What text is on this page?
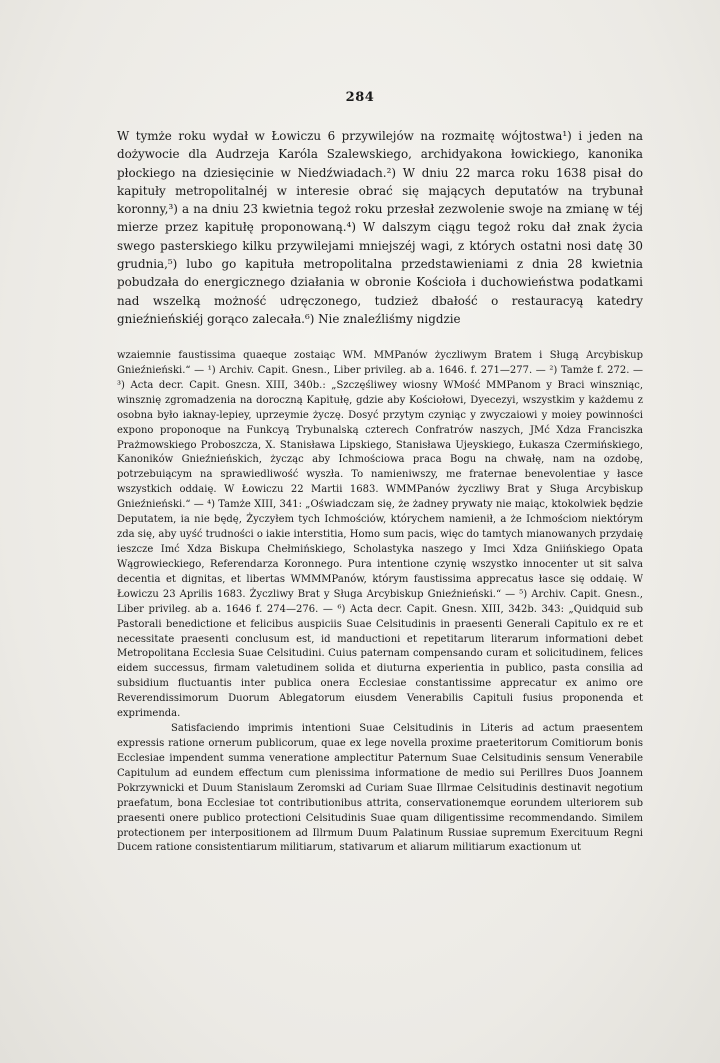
284

W tymże roku wydał w Łowiczu 6 przywilejów na rozmaitę wójtostwa¹) i jeden na dożywocie dla Audrzeja Karóla Szalewskiego, archidyakona łowickiego, kanonika płockiego na dziesięcinie w Niedźwiadach.²) W dniu 22 marca roku 1638 pisał do kapituły metropolitalnéj w interesie obrać się mających deputatów na trybunał koronny,³) a na dniu 23 kwietnia tegoż roku przesłał zezwolenie swoje na zmianę w téj mierze przez kapitułę proponowaną.⁴) W dalszym ciągu tegoż roku dał znak życia swego pasterskiego kilku przywilejami mniejszéj wagi, z których ostatni nosi datę 30 grudnia,⁵) lubo go kapituła metropolitalna przedstawieniami z dnia 28 kwietnia pobudzała do energicznego działania w obronie Kościoła i duchowieństwa podatkami nad wszelką możność udręczonego, tudzież dbałość o restauracyą katedry gnieźnieńskiéj gorąco zalecała.⁶) Nie znaleźliśmy nigdzie

wzaiemnie faustissima quaeque zostaiąc WM. MMPanów życzliwym Bratem i Sługą Arcybiskup Gnieźnieński.“ — ¹) Archiv. Capit. Gnesn., Liber privileg. ab a. 1646. f. 271—277. — ²) Tamże f. 272. — ³) Acta decr. Capit. Gnesn. XIII, 340b.: „Szczęśliwey wiosny WMość MMPanom y Braci winszniąc, winsznię zgromadzenia na doroczną Kapitułę, gdzie aby Kościołowi, Dyecezyi, wszystkim y każdemu z osobna było iaknay-lepiey, uprzeymie życzę. Dosyć przytym czyniąc y zwyczaiowi y moiey powinności expono proponoque na Funkcyą Trybunalską czterech Confratrów naszych, JMć Xdza Franciszka Prażmowskiego Proboszcza, X. Stanisława Lipskiego, Stanisława Ujeyskiego, Łukasza Czermińskiego, Kanoników Gnieźnieńskich, życząc aby Ichmościowa praca Bogu na chwałę, nam na ozdobę, potrzebuiącym na sprawiedliwość wyszła. To namieniwszy, me fraternae benevolentiae y łasce wszystkich oddaię. W Łowiczu 22 Martii 1683. WMMPanów życzliwy Brat y Sługa Arcybiskup Gnieźnieński.“ — ⁴) Tamże XIII, 341: „Oświadczam się, że żadney prywaty nie maiąc, ktokolwiek będzie Deputatem, ia nie będę, Życzyłem tych Ichmościów, którychem namienił, a że Ichmościom niektórym zda się, aby uyść trudności o iakie interstitia, Homo sum pacis, więc do tamtych mianowanych przydaię ieszcze Imć Xdza Biskupa Chełmińskiego, Scholastyka naszego y Imci Xdza Gniińskiego Opata Wągrowieckiego, Referendarza Koronnego. Pura intentione czynię wszystko innocenter ut sit salva decentia et dignitas, et libertas WMMMPanów, którym faustissima apprecatus łasce się oddaię. W Łowiczu 23 Aprilis 1683. Życzliwy Brat y Sługa Arcybiskup Gnieźnieński.“ — ⁵) Archiv. Capit. Gnesn., Liber privileg. ab a. 1646 f. 274—276. — ⁶) Acta decr. Capit. Gnesn. XIII, 342b. 343: „Quidquid sub Pastorali benedictione et felicibus auspiciis Suae Celsitudinis in praesenti Generali Capitulo ex re et necessitate praesenti conclusum est, id manductioni et repetitarum literarum informationi debet Metropolitana Ecclesia Suae Celsitudini. Cuius paternam compensando curam et solicitudinem, felices eidem successus, firmam valetudinem solida et diuturna experientia in publico, pasta consilia ad subsidium fluctuantis inter publica onera Ecclesiae constantissime apprecatur ex animo ore Reverendissimorum Duorum Ablegatorum eiusdem Venerabilis Capituli fusius proponenda et exprimenda.

Satisfaciendo imprimis intentioni Suae Celsitudinis in Literis ad actum praesentem expressis ratione ornerum publicorum, quae ex lege novella proxime praeteritorum Comitiorum bonis Ecclesiae impendent summa veneratione amplectitur Paternum Suae Celsitudinis sensum Venerabile Capitulum ad eundem effectum cum plenissima informatione de medio sui Perillres Duos Joannem Pokrzywnicki et Duum Stanislaum Zeromski ad Curiam Suae Illrmae Celsitudinis destinavit negotium praefatum, bona Ecclesiae tot contributionibus attrita, conservationemque eorundem ulteriorem sub praesenti onere publico protectioni Celsitudinis Suae quam diligentissime recommendando. Similem protectionem per interpositionem ad Illrmum Duum Palatinum Russiae supremum Exercituum Regni Ducem ratione consistentiarum militiarum, stativarum et aliarum militiarum exactionum ut
